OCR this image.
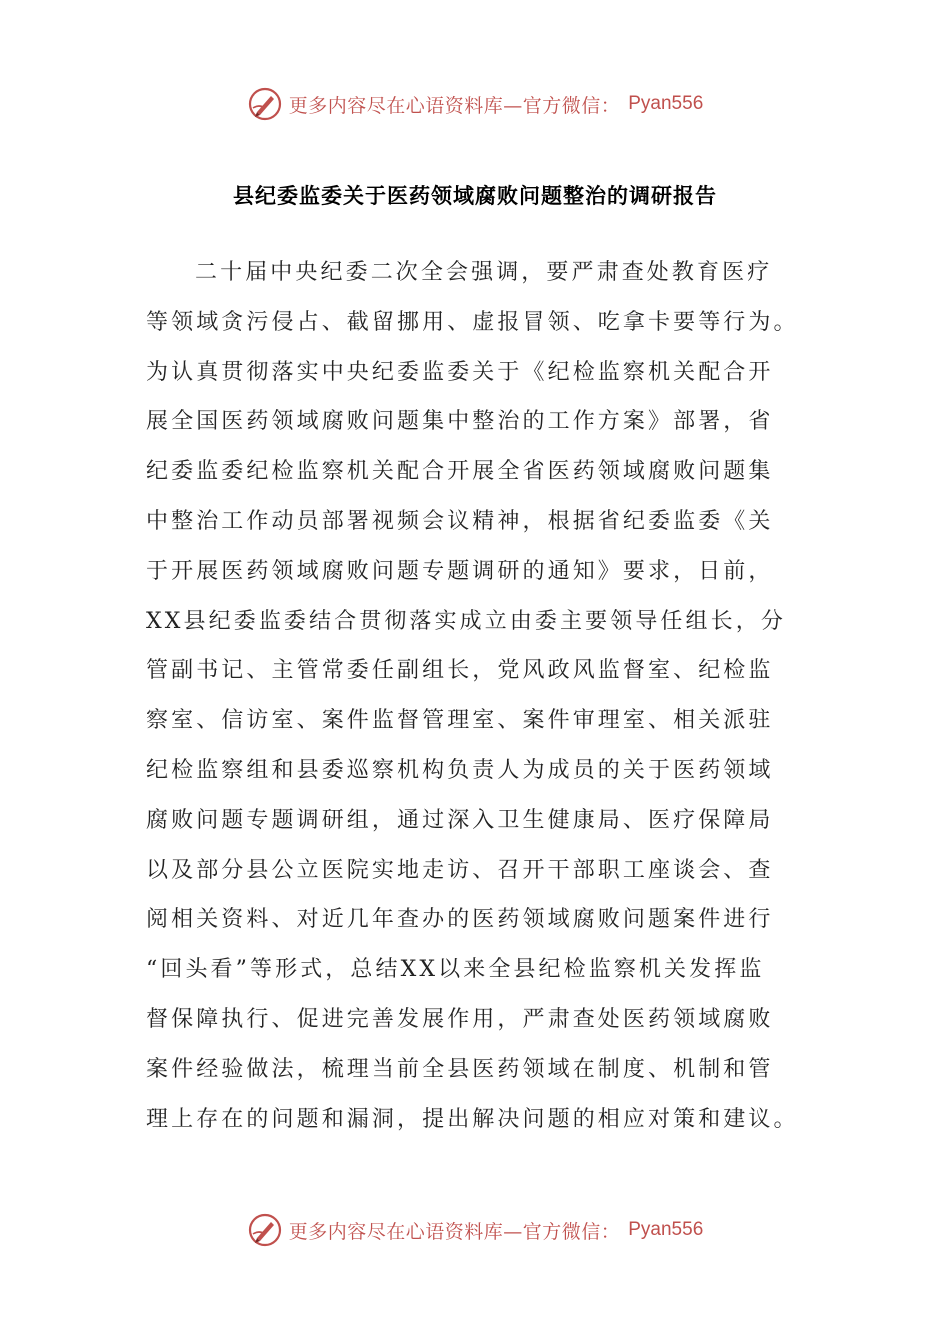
更多内容尽在心语资料库—官方微信： Pyan556
县纪委监委关于医药领域腐败问题整治的调研报告
二十届中央纪委二次全会强调，要严肃查处教育医疗
等领域贪污侵占、截留挪用、虚报冒领、吃拿卡要等行为。
为认真贯彻落实中央纪委监委关于《纪检监察机关配合开
展全国医药领域腐败问题集中整治的工作方案》部署，省
纪委监委纪检监察机关配合开展全省医药领域腐败问题集
中整治工作动员部署视频会议精神，根据省纪委监委《关
于开展医药领域腐败问题专题调研的通知》要求，日前，
XX县纪委监委结合贯彻落实成立由委主要领导任组长，分
管副书记、主管常委任副组长，党风政风监督室、纪检监
察室、信访室、案件监督管理室、案件审理室、相关派驻
纪检监察组和县委巡察机构负责人为成员的关于医药领域
腐败问题专题调研组，通过深入卫生健康局、医疗保障局
以及部分县公立医院实地走访、召开干部职工座谈会、查
阅相关资料、对近几年查办的医药领域腐败问题案件进行
“回头看”等形式，总结XX以来全县纪检监察机关发挥监
督保障执行、促进完善发展作用，严肃查处医药领域腐败
案件经验做法，梳理当前全县医药领域在制度、机制和管
理上存在的问题和漏洞，提出解决问题的相应对策和建议。
更多内容尽在心语资料库—官方微信： Pyan556
